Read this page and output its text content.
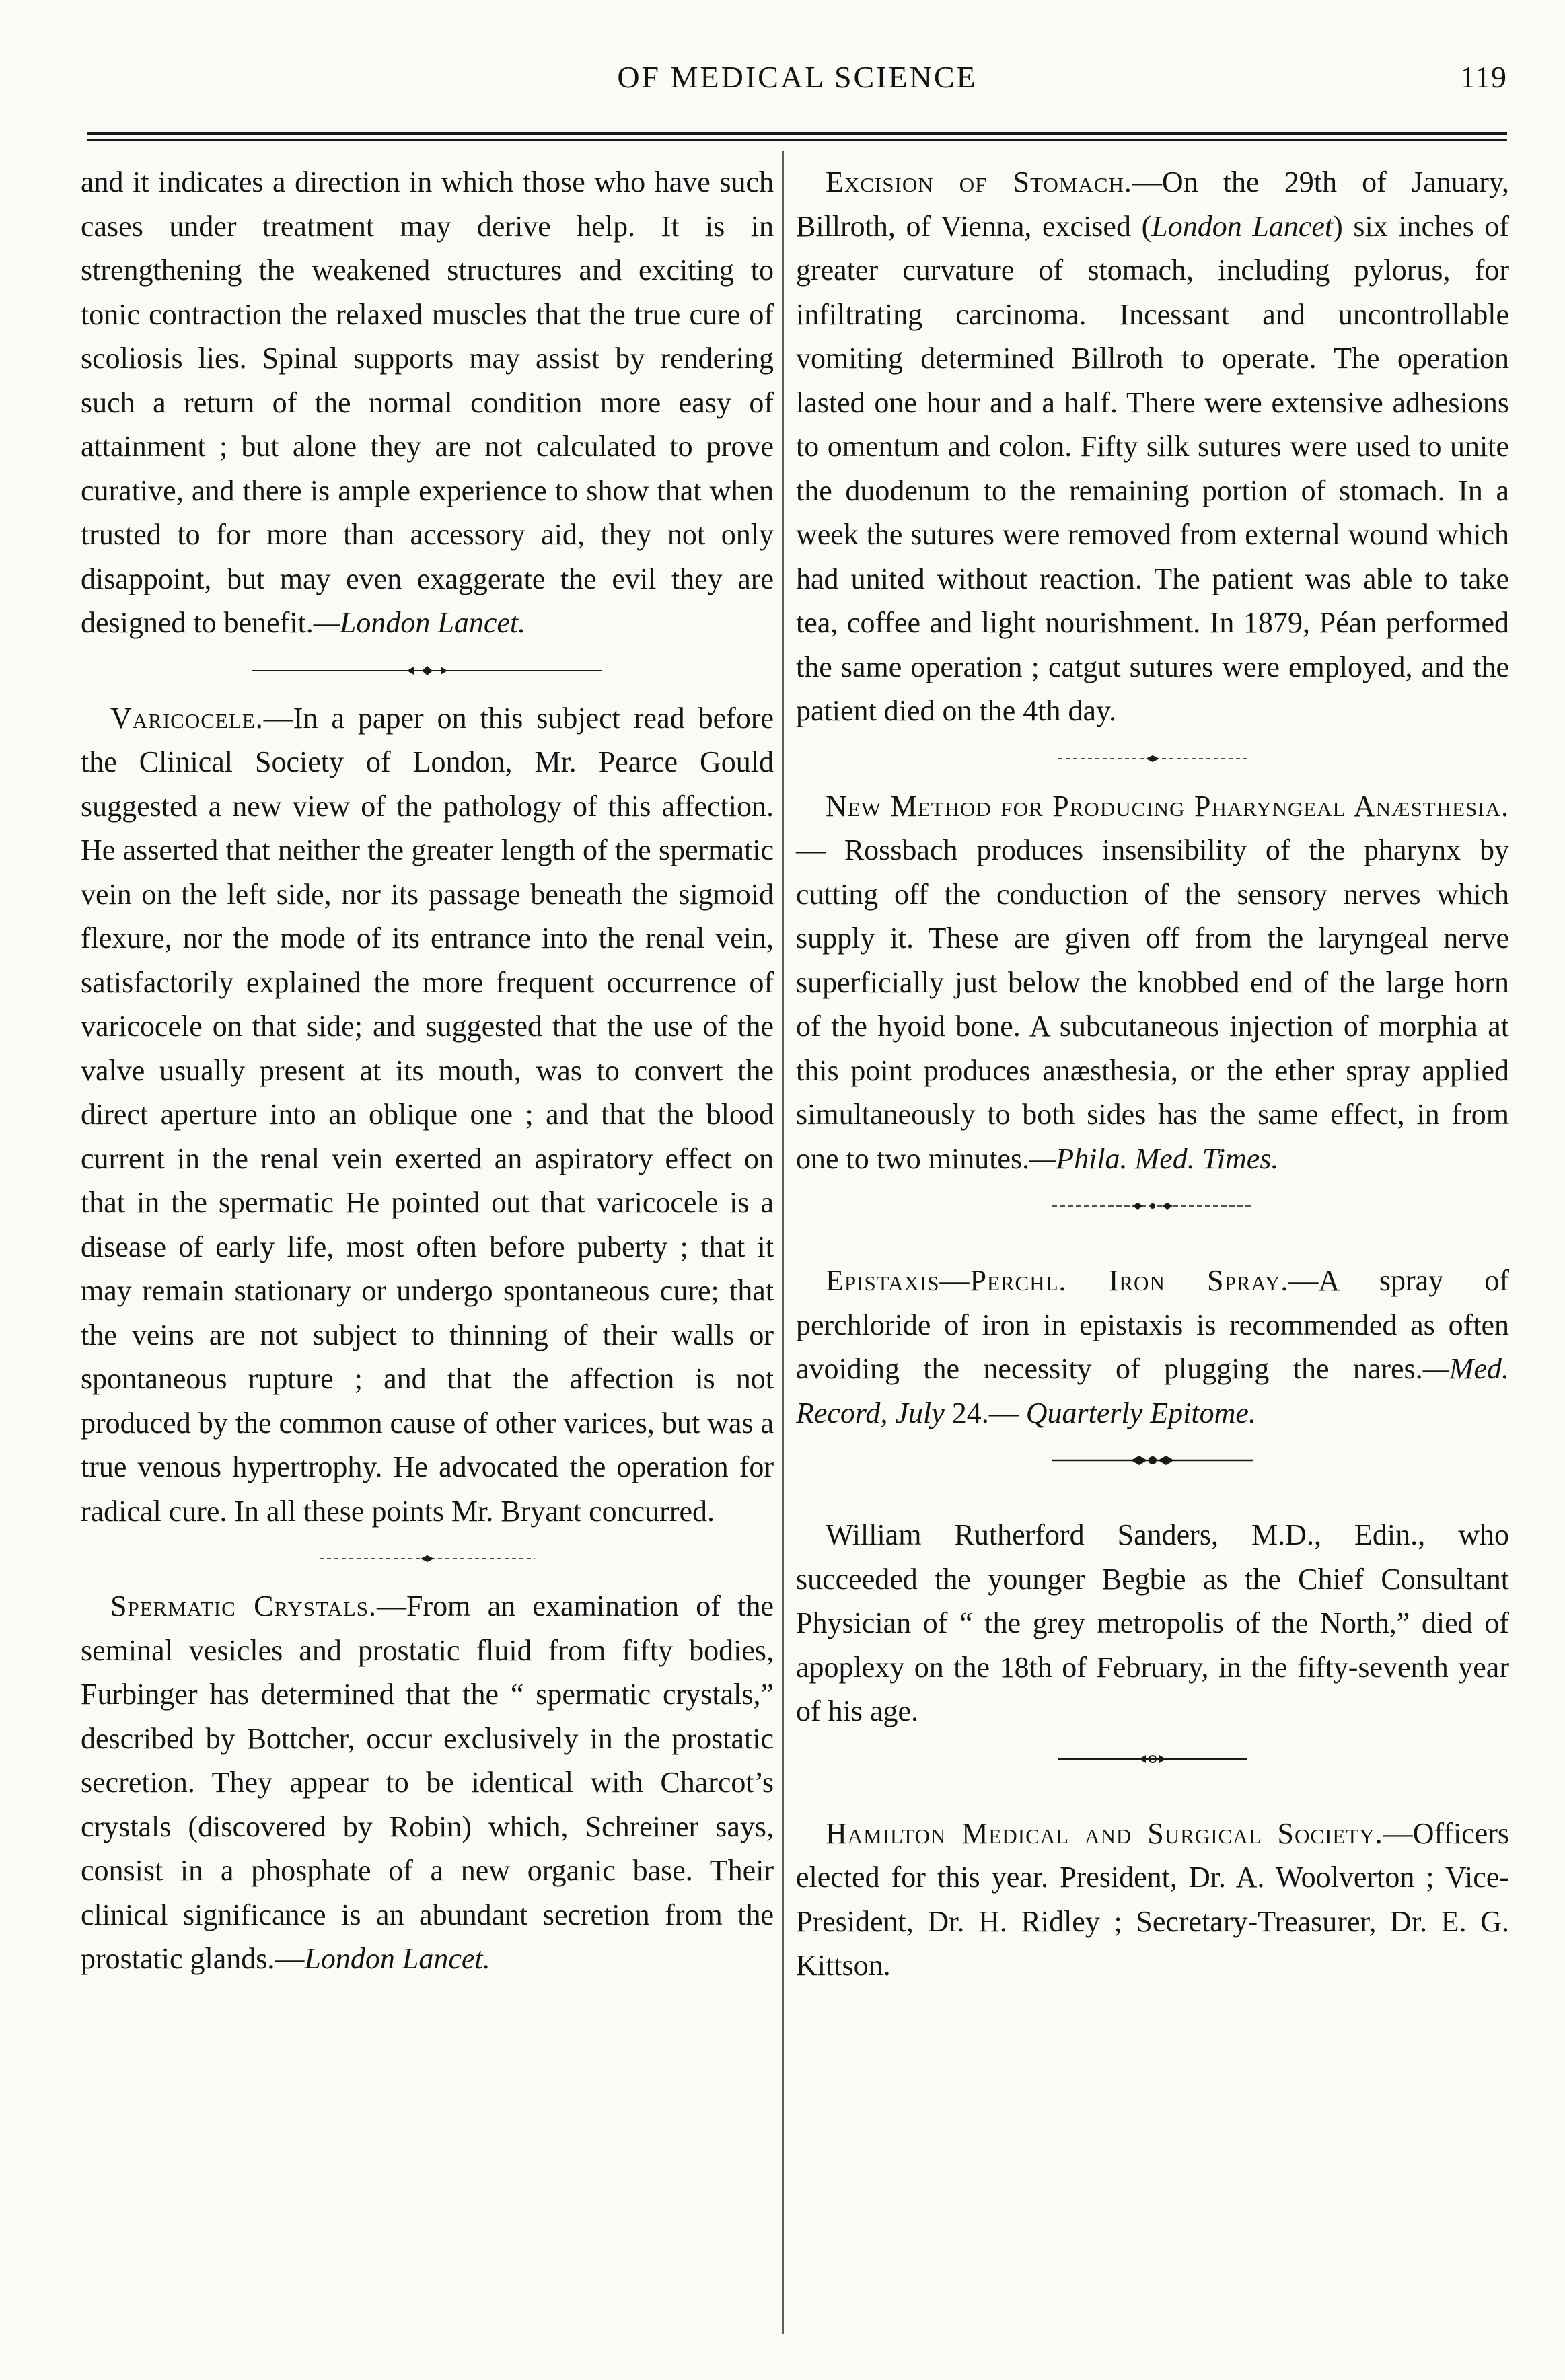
OF MEDICAL SCIENCE	119

and it indicates a direction in which those who have such cases under treatment may derive help. It is in strengthening the weakened structures and exciting to tonic contraction the relaxed muscles that the true cure of scoliosis lies. Spinal supports may assist by rendering such a return of the normal condition more easy of attainment ; but alone they are not calculated to prove curative, and there is ample experience to show that when trusted to for more than accessory aid, they not only disappoint, but may even exaggerate the evil they are designed to benefit.—London Lancet.

Varicocele.—In a paper on this subject read before the Clinical Society of London, Mr. Pearce Gould suggested a new view of the pathology of this affection. He asserted that neither the greater length of the spermatic vein on the left side, nor its passage beneath the sigmoid flexure, nor the mode of its entrance into the renal vein, satisfactorily explained the more frequent occurrence of varicocele on that side; and suggested that the use of the valve usually present at its mouth, was to convert the direct aperture into an oblique one ; and that the blood current in the renal vein exerted an aspiratory effect on that in the spermatic He pointed out that varicocele is a disease of early life, most often before puberty ; that it may remain stationary or undergo spontaneous cure; that the veins are not subject to thinning of their walls or spontaneous rupture ; and that the affection is not produced by the common cause of other varices, but was a true venous hypertrophy. He advocated the operation for radical cure. In all these points Mr. Bryant concurred.

Spermatic Crystals.—From an examination of the seminal vesicles and prostatic fluid from fifty bodies, Furbinger has determined that the “ spermatic crystals,” described by Bottcher, occur exclusively in the prostatic secretion. They appear to be identical with Charcot’s crystals (discovered by Robin) which, Schreiner says, consist in a phosphate of a new organic base. Their clinical significance is an abundant secretion from the prostatic glands.—London Lancet.

Excision of Stomach.—On the 29th of January, Billroth, of Vienna, excised (London Lancet) six inches of greater curvature of stomach, including pylorus, for infiltrating carcinoma. Incessant and uncontrollable vomiting determined Billroth to operate. The operation lasted one hour and a half. There were extensive adhesions to omentum and colon. Fifty silk sutures were used to unite the duodenum to the remaining portion of stomach. In a week the sutures were removed from external wound which had united without reaction. The patient was able to take tea, coffee and light nourishment. In 1879, Péan performed the same operation ; catgut sutures were employed, and the patient died on the 4th day.

New Method for Producing Pharyngeal Anæsthesia. — Rossbach produces insensibility of the pharynx by cutting off the conduction of the sensory nerves which supply it. These are given off from the laryngeal nerve superficially just below the knobbed end of the large horn of the hyoid bone. A subcutaneous injection of morphia at this point produces anæsthesia, or the ether spray applied simultaneously to both sides has the same effect, in from one to two minutes.—Phila. Med. Times.

Epistaxis—Perchl. Iron Spray.—A spray of perchloride of iron in epistaxis is recommended as often avoiding the necessity of plugging the nares.—Med. Record, July 24.— Quarterly Epitome.

William Rutherford Sanders, M.D., Edin., who succeeded the younger Begbie as the Chief Consultant Physician of “ the grey metropolis of the North,” died of apoplexy on the 18th of February, in the fifty-seventh year of his age.

Hamilton Medical and Surgical Society.—Officers elected for this year. President, Dr. A. Woolverton ; Vice-President, Dr. H. Ridley ; Secretary-Treasurer, Dr. E. G. Kittson.
